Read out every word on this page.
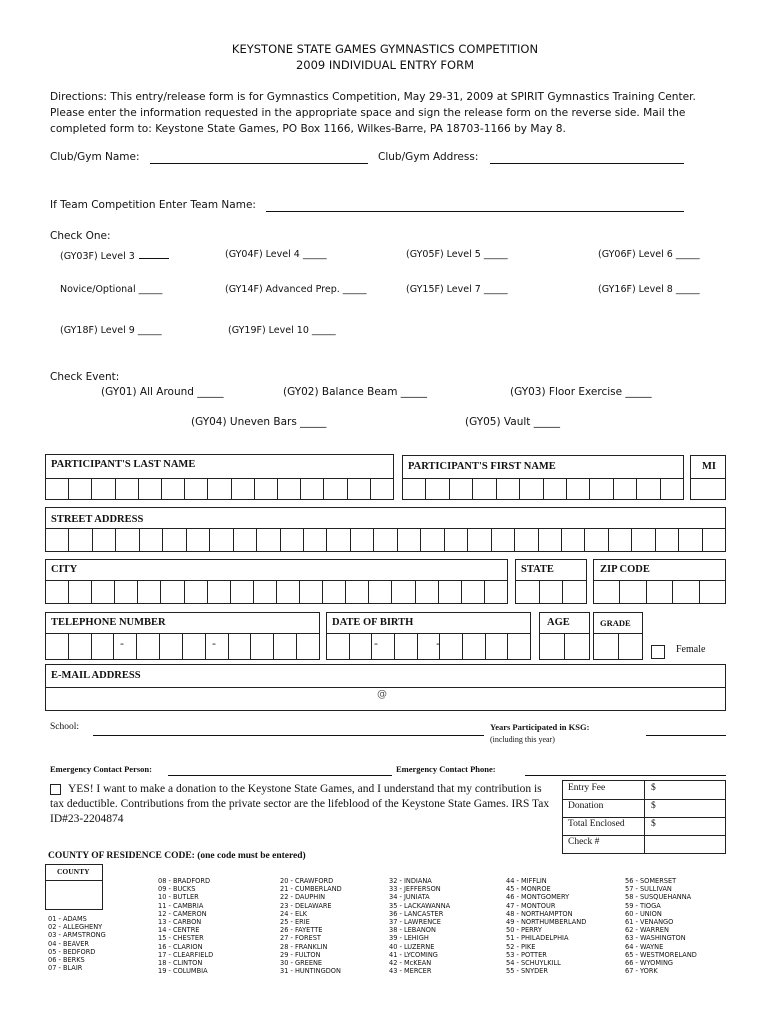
KEYSTONE STATE GAMES GYMNASTICS COMPETITION
2009 INDIVIDUAL ENTRY FORM
Directions: This entry/release form is for Gymnastics Competition, May 29-31, 2009 at SPIRIT Gymnastics Training Center. Please enter the information requested in the appropriate space and sign the release form on the reverse side. Mail the completed form to: Keystone State Games, PO Box 1166, Wilkes-Barre, PA 18703-1166 by May 8.
Club/Gym Name:	Club/Gym Address:
If Team Competition Enter Team Name:
Check One:
(GY03F) Level 3	(GY04F) Level 4 _____	(GY05F) Level 5 _____	(GY06F) Level 6 _____
Novice/Optional _____	(GY14F) Advanced Prep. _____	(GY15F) Level 7 _____	(GY16F) Level 8 _____
(GY18F) Level 9 _____	(GY19F) Level 10 _____
Check Event:
(GY01) All Around _____	(GY02) Balance Beam _____	(GY03) Floor Exercise _____
(GY04) Uneven Bars _____	(GY05) Vault _____
PARTICIPANT'S LAST NAME	PARTICIPANT'S FIRST NAME	MI
STREET ADDRESS
CITY	STATE	ZIP CODE
TELEPHONE NUMBER	DATE OF BIRTH	AGE	GRADE
-	-	-	-	Female
E-MAIL ADDRESS
@
School:	Years Participated in KSG:
(including this year)
Emergency Contact Person:	Emergency Contact Phone:
YES! I want to make a donation to the Keystone State Games, and I understand that my contribution is tax deductible. Contributions from the private sector are the lifeblood of the Keystone State Games. IRS Tax ID#23-2204874
Entry Fee	$
Donation	$
Total Enclosed	$
Check #
COUNTY OF RESIDENCE CODE: (one code must be entered)
COUNTY
01 - ADAMS
02 - ALLEGHENY
03 - ARMSTRONG
04 - BEAVER
05 - BEDFORD
06 - BERKS
07 - BLAIR
08 - BRADFORD
09 - BUCKS
10 - BUTLER
11 - CAMBRIA
12 - CAMERON
13 - CARBON
14 - CENTRE
15 - CHESTER
16 - CLARION
17 - CLEARFIELD
18 - CLINTON
19 - COLUMBIA
20 - CRAWFORD
21 - CUMBERLAND
22 - DAUPHIN
23 - DELAWARE
24 - ELK
25 - ERIE
26 - FAYETTE
27 - FOREST
28 - FRANKLIN
29 - FULTON
30 - GREENE
31 - HUNTINGDON
32 - INDIANA
33 - JEFFERSON
34 - JUNIATA
35 - LACKAWANNA
36 - LANCASTER
37 - LAWRENCE
38 - LEBANON
39 - LEHIGH
40 - LUZERNE
41 - LYCOMING
42 - McKEAN
43 - MERCER
44 - MIFFLIN
45 - MONROE
46 - MONTGOMERY
47 - MONTOUR
48 - NORTHAMPTON
49 - NORTHUMBERLAND
50 - PERRY
51 - PHILADELPHIA
52 - PIKE
53 - POTTER
54 - SCHUYLKILL
55 - SNYDER
56 - SOMERSET
57 - SULLIVAN
58 - SUSQUEHANNA
59 - TIOGA
60 - UNION
61 - VENANGO
62 - WARREN
63 - WASHINGTON
64 - WAYNE
65 - WESTMORELAND
66 - WYOMING
67 - YORK
